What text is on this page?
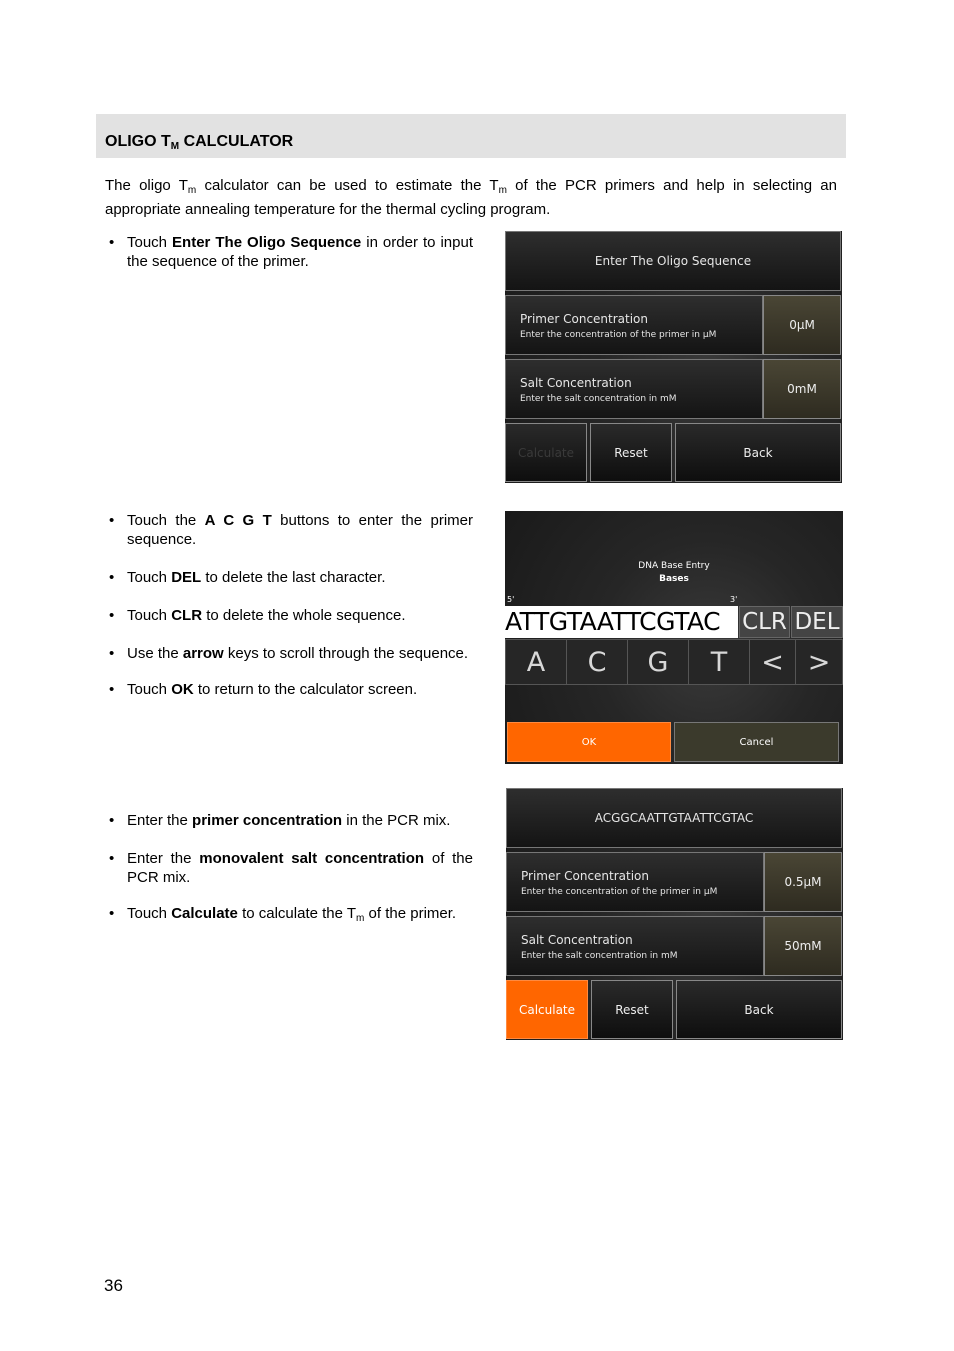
OLIGO $T_M$ CALCULATOR
The oligo $T_m$ calculator can be used to estimate the $T_m$ of the PCR primers and help in selecting an appropriate annealing temperature for the thermal cycling program.
• Touch Enter The Oligo Sequence in order to input the sequence of the primer.	Enter The Oligo Sequence
Primer Concentration
Enter the concentration of the primer in μM
0μM
Salt Concentration
Enter the salt concentration in mM
0mM
Calculate	Reset	Back
• Touch the A C G T buttons to enter the primer sequence.
• Touch DEL to delete the last character.
• Touch CLR to delete the whole sequence.
• Use the arrow keys to scroll through the sequence.
• Touch OK to return to the calculator screen.
DNA Base Entry
Bases
5'	3'
ATTGTAATTCGTAC CLR DEL
A	C	G	T	< >
OK	Cancel
• Enter the primer concentration in the PCR mix.
• Enter the monovalent salt concentration of the PCR mix.
• Touch Calculate to calculate the $T_m$ of the primer.
ACGGCAATTGTAATTCGTAC
Primer Concentration
Enter the concentration of the primer in μM
0.5μM
Salt Concentration
Enter the salt concentration in mM
50mM
Calculate	Reset	Back
36
